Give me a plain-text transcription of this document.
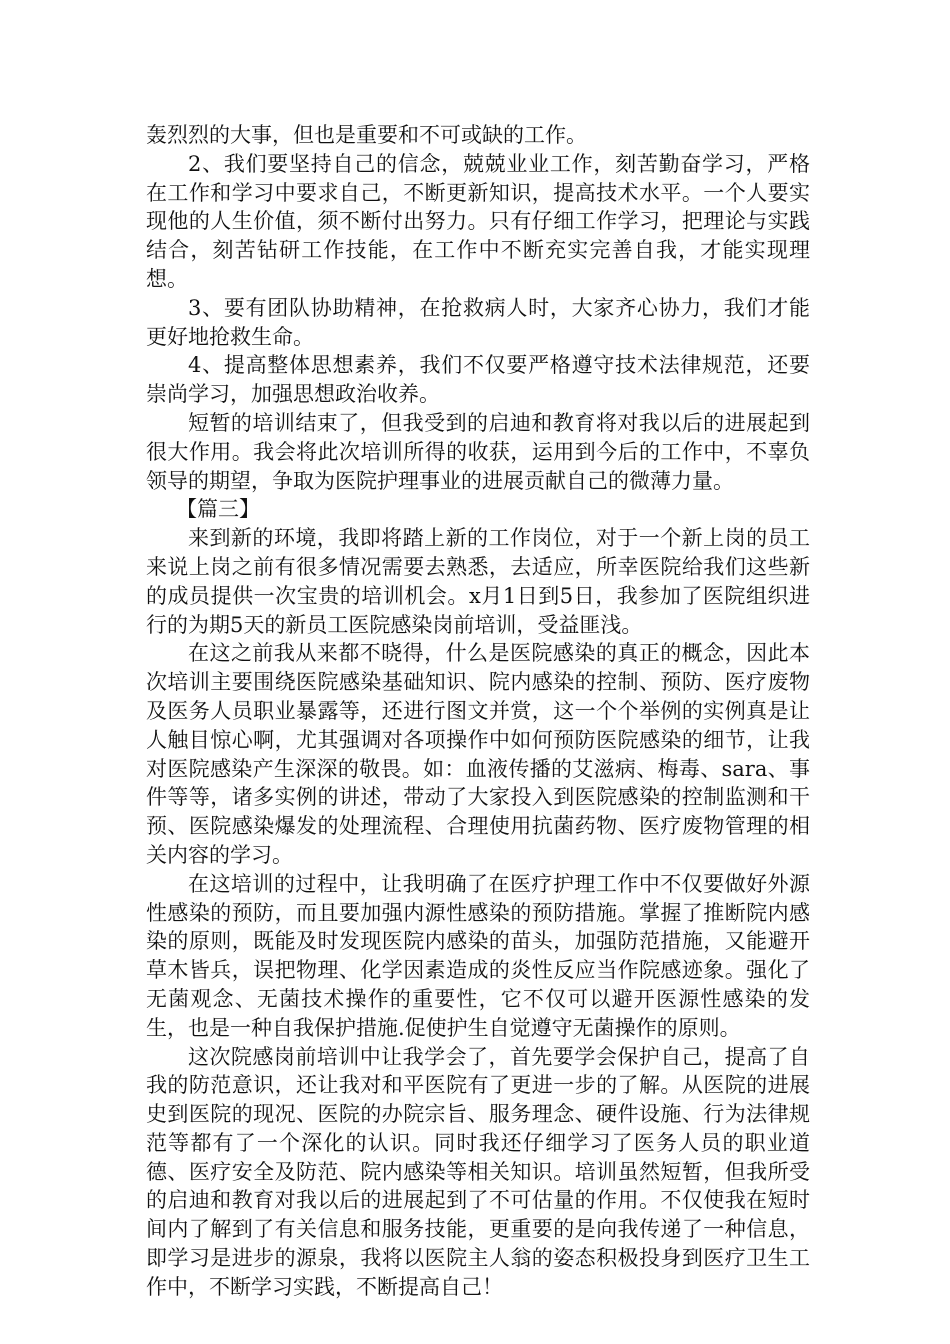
轰烈烈的大事，但也是重要和不可或缺的工作。

2、我们要坚持自己的信念，兢兢业业工作，刻苦勤奋学习，严格在工作和学习中要求自己，不断更新知识，提高技术水平。一个人要实现他的人生价值，须不断付出努力。只有仔细工作学习，把理论与实践结合，刻苦钻研工作技能，在工作中不断充实完善自我，才能实现理想。

3、要有团队协助精神，在抢救病人时，大家齐心协力，我们才能更好地抢救生命。

4、提高整体思想素养，我们不仅要严格遵守技术法律规范，还要崇尚学习，加强思想政治收养。

短暂的培训结束了，但我受到的启迪和教育将对我以后的进展起到很大作用。我会将此次培训所得的收获，运用到今后的工作中，不辜负领导的期望，争取为医院护理事业的进展贡献自己的微薄力量。

【篇三】

来到新的环境，我即将踏上新的工作岗位，对于一个新上岗的员工来说上岗之前有很多情况需要去熟悉，去适应，所幸医院给我们这些新的成员提供一次宝贵的培训机会。x月1日到5日，我参加了医院组织进行的为期5天的新员工医院感染岗前培训，受益匪浅。

在这之前我从来都不晓得，什么是医院感染的真正的概念，因此本次培训主要围绕医院感染基础知识、院内感染的控制、预防、医疗废物及医务人员职业暴露等，还进行图文并赏，这一个个举例的实例真是让人触目惊心啊，尤其强调对各项操作中如何预防医院感染的细节，让我对医院感染产生深深的敬畏。如：血液传播的艾滋病、梅毒、sara、事件等等，诸多实例的讲述，带动了大家投入到医院感染的控制监测和干预、医院感染爆发的处理流程、合理使用抗菌药物、医疗废物管理的相关内容的学习。

在这培训的过程中，让我明确了在医疗护理工作中不仅要做好外源性感染的预防，而且要加强内源性感染的预防措施。掌握了推断院内感染的原则，既能及时发现医院内感染的苗头，加强防范措施，又能避开草木皆兵，误把物理、化学因素造成的炎性反应当作院感迹象。强化了无菌观念、无菌技术操作的重要性，它不仅可以避开医源性感染的发生，也是一种自我保护措施.促使护生自觉遵守无菌操作的原则。

这次院感岗前培训中让我学会了，首先要学会保护自己，提高了自我的防范意识，还让我对和平医院有了更进一步的了解。从医院的进展史到医院的现况、医院的办院宗旨、服务理念、硬件设施、行为法律规范等都有了一个深化的认识。同时我还仔细学习了医务人员的职业道德、医疗安全及防范、院内感染等相关知识。培训虽然短暂，但我所受的启迪和教育对我以后的进展起到了不可估量的作用。不仅使我在短时间内了解到了有关信息和服务技能，更重要的是向我传递了一种信息，即学习是进步的源泉，我将以医院主人翁的姿态积极投身到医疗卫生工作中，不断学习实践，不断提高自己！
